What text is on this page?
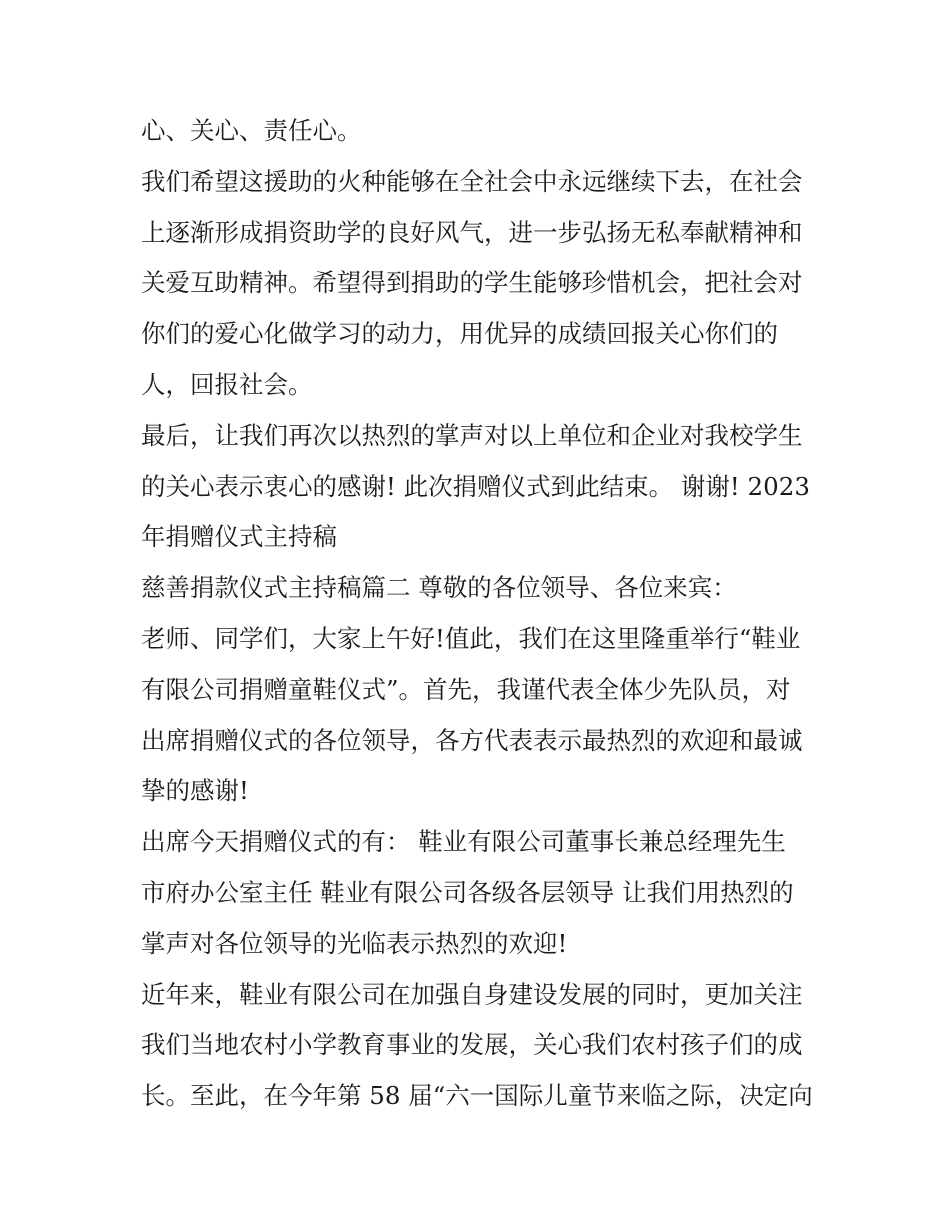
心、关心、责任心。
我们希望这援助的火种能够在全社会中永远继续下去，在社会
上逐渐形成捐资助学的良好风气，进一步弘扬无私奉献精神和
关爱互助精神。希望得到捐助的学生能够珍惜机会，把社会对
你们的爱心化做学习的动力，用优异的成绩回报关心你们的
人，回报社会。
最后，让我们再次以热烈的掌声对以上单位和企业对我校学生
的关心表示衷心的感谢! 此次捐赠仪式到此结束。 谢谢! 2023
年捐赠仪式主持稿
慈善捐款仪式主持稿篇二 尊敬的各位领导、各位来宾：
老师、同学们，大家上午好!值此，我们在这里隆重举行“鞋业
有限公司捐赠童鞋仪式”。首先，我谨代表全体少先队员，对
出席捐赠仪式的各位领导，各方代表表示最热烈的欢迎和最诚
挚的感谢!
出席今天捐赠仪式的有： 鞋业有限公司董事长兼总经理先生
市府办公室主任 鞋业有限公司各级各层领导 让我们用热烈的
掌声对各位领导的光临表示热烈的欢迎!
近年来，鞋业有限公司在加强自身建设发展的同时，更加关注
我们当地农村小学教育事业的发展，关心我们农村孩子们的成
长。至此，在今年第 58 届“六一国际儿童节来临之际，决定向
